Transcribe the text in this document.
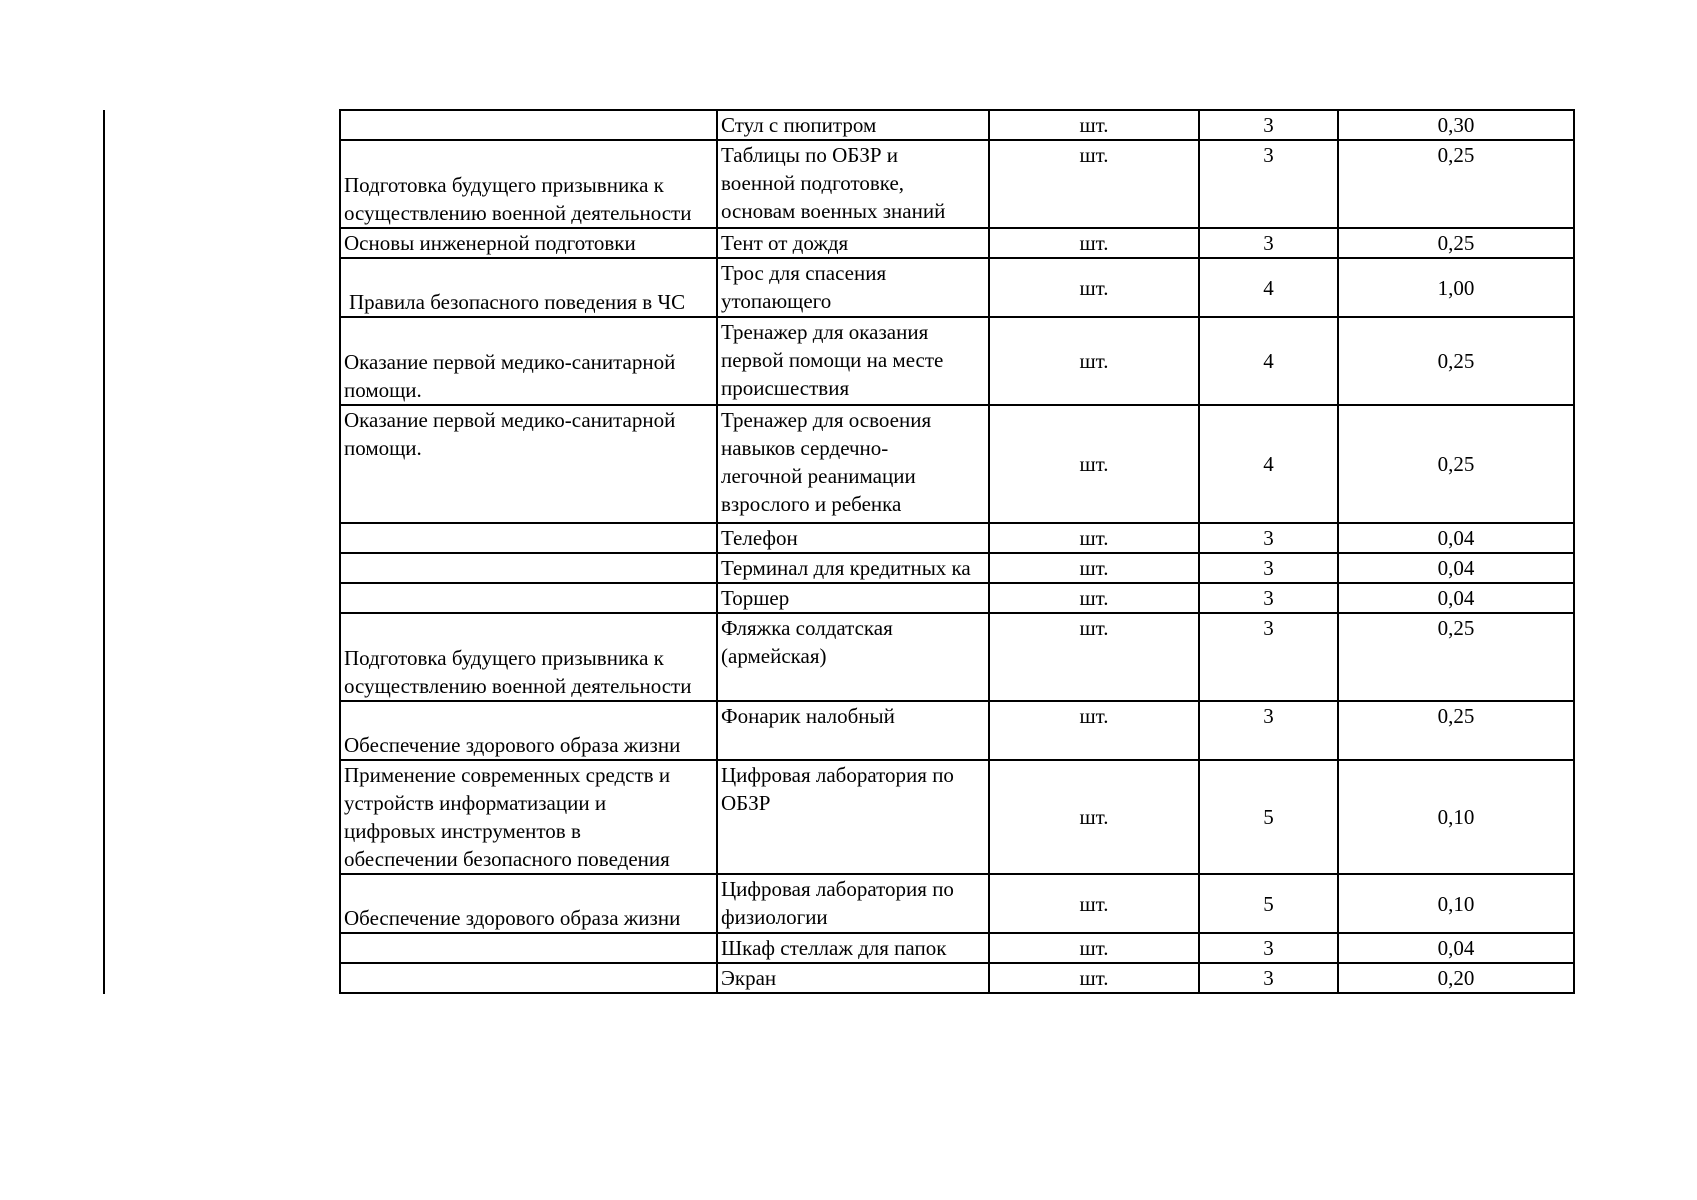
	Стул с пюпитром	шт.	3	0,30

Подготовка будущего призывника к
осуществлению военной деятельности	Таблицы по ОБЗР и
военной подготовке,
основам военных знаний	шт.	3	0,25

Основы инженерной подготовки	Тент от дождя	шт.	3	0,25

Правила безопасного поведения в ЧС	Трос для спасения
утопающего	шт.	4	1,00

Оказание первой медико-санитарной
помощи.	Тренажер для оказания
первой помощи на месте
происшествия	шт.	4	0,25

Оказание первой медико-санитарной
помощи.	Тренажер для освоения
навыков сердечно-
легочной реанимации
взрослого и ребенка	шт.	4	0,25

	Телефон	шт.	3	0,04

	Терминал для кредитных ка	шт.	3	0,04

	Торшер	шт.	3	0,04

Подготовка будущего призывника к
осуществлению военной деятельности	Фляжка солдатская
(армейская)	шт.	3	0,25

Обеспечение здорового образа жизни	Фонарик налобный	шт.	3	0,25

Применение современных средств и
устройств информатизации и
цифровых инструментов в
обеспечении безопасного поведения	Цифровая лаборатория по
ОБЗР	шт.	5	0,10

Обеспечение здорового образа жизни	Цифровая лаборатория по
физиологии	шт.	5	0,10

	Шкаф стеллаж для папок	шт.	3	0,04

	Экран	шт.	3	0,20
